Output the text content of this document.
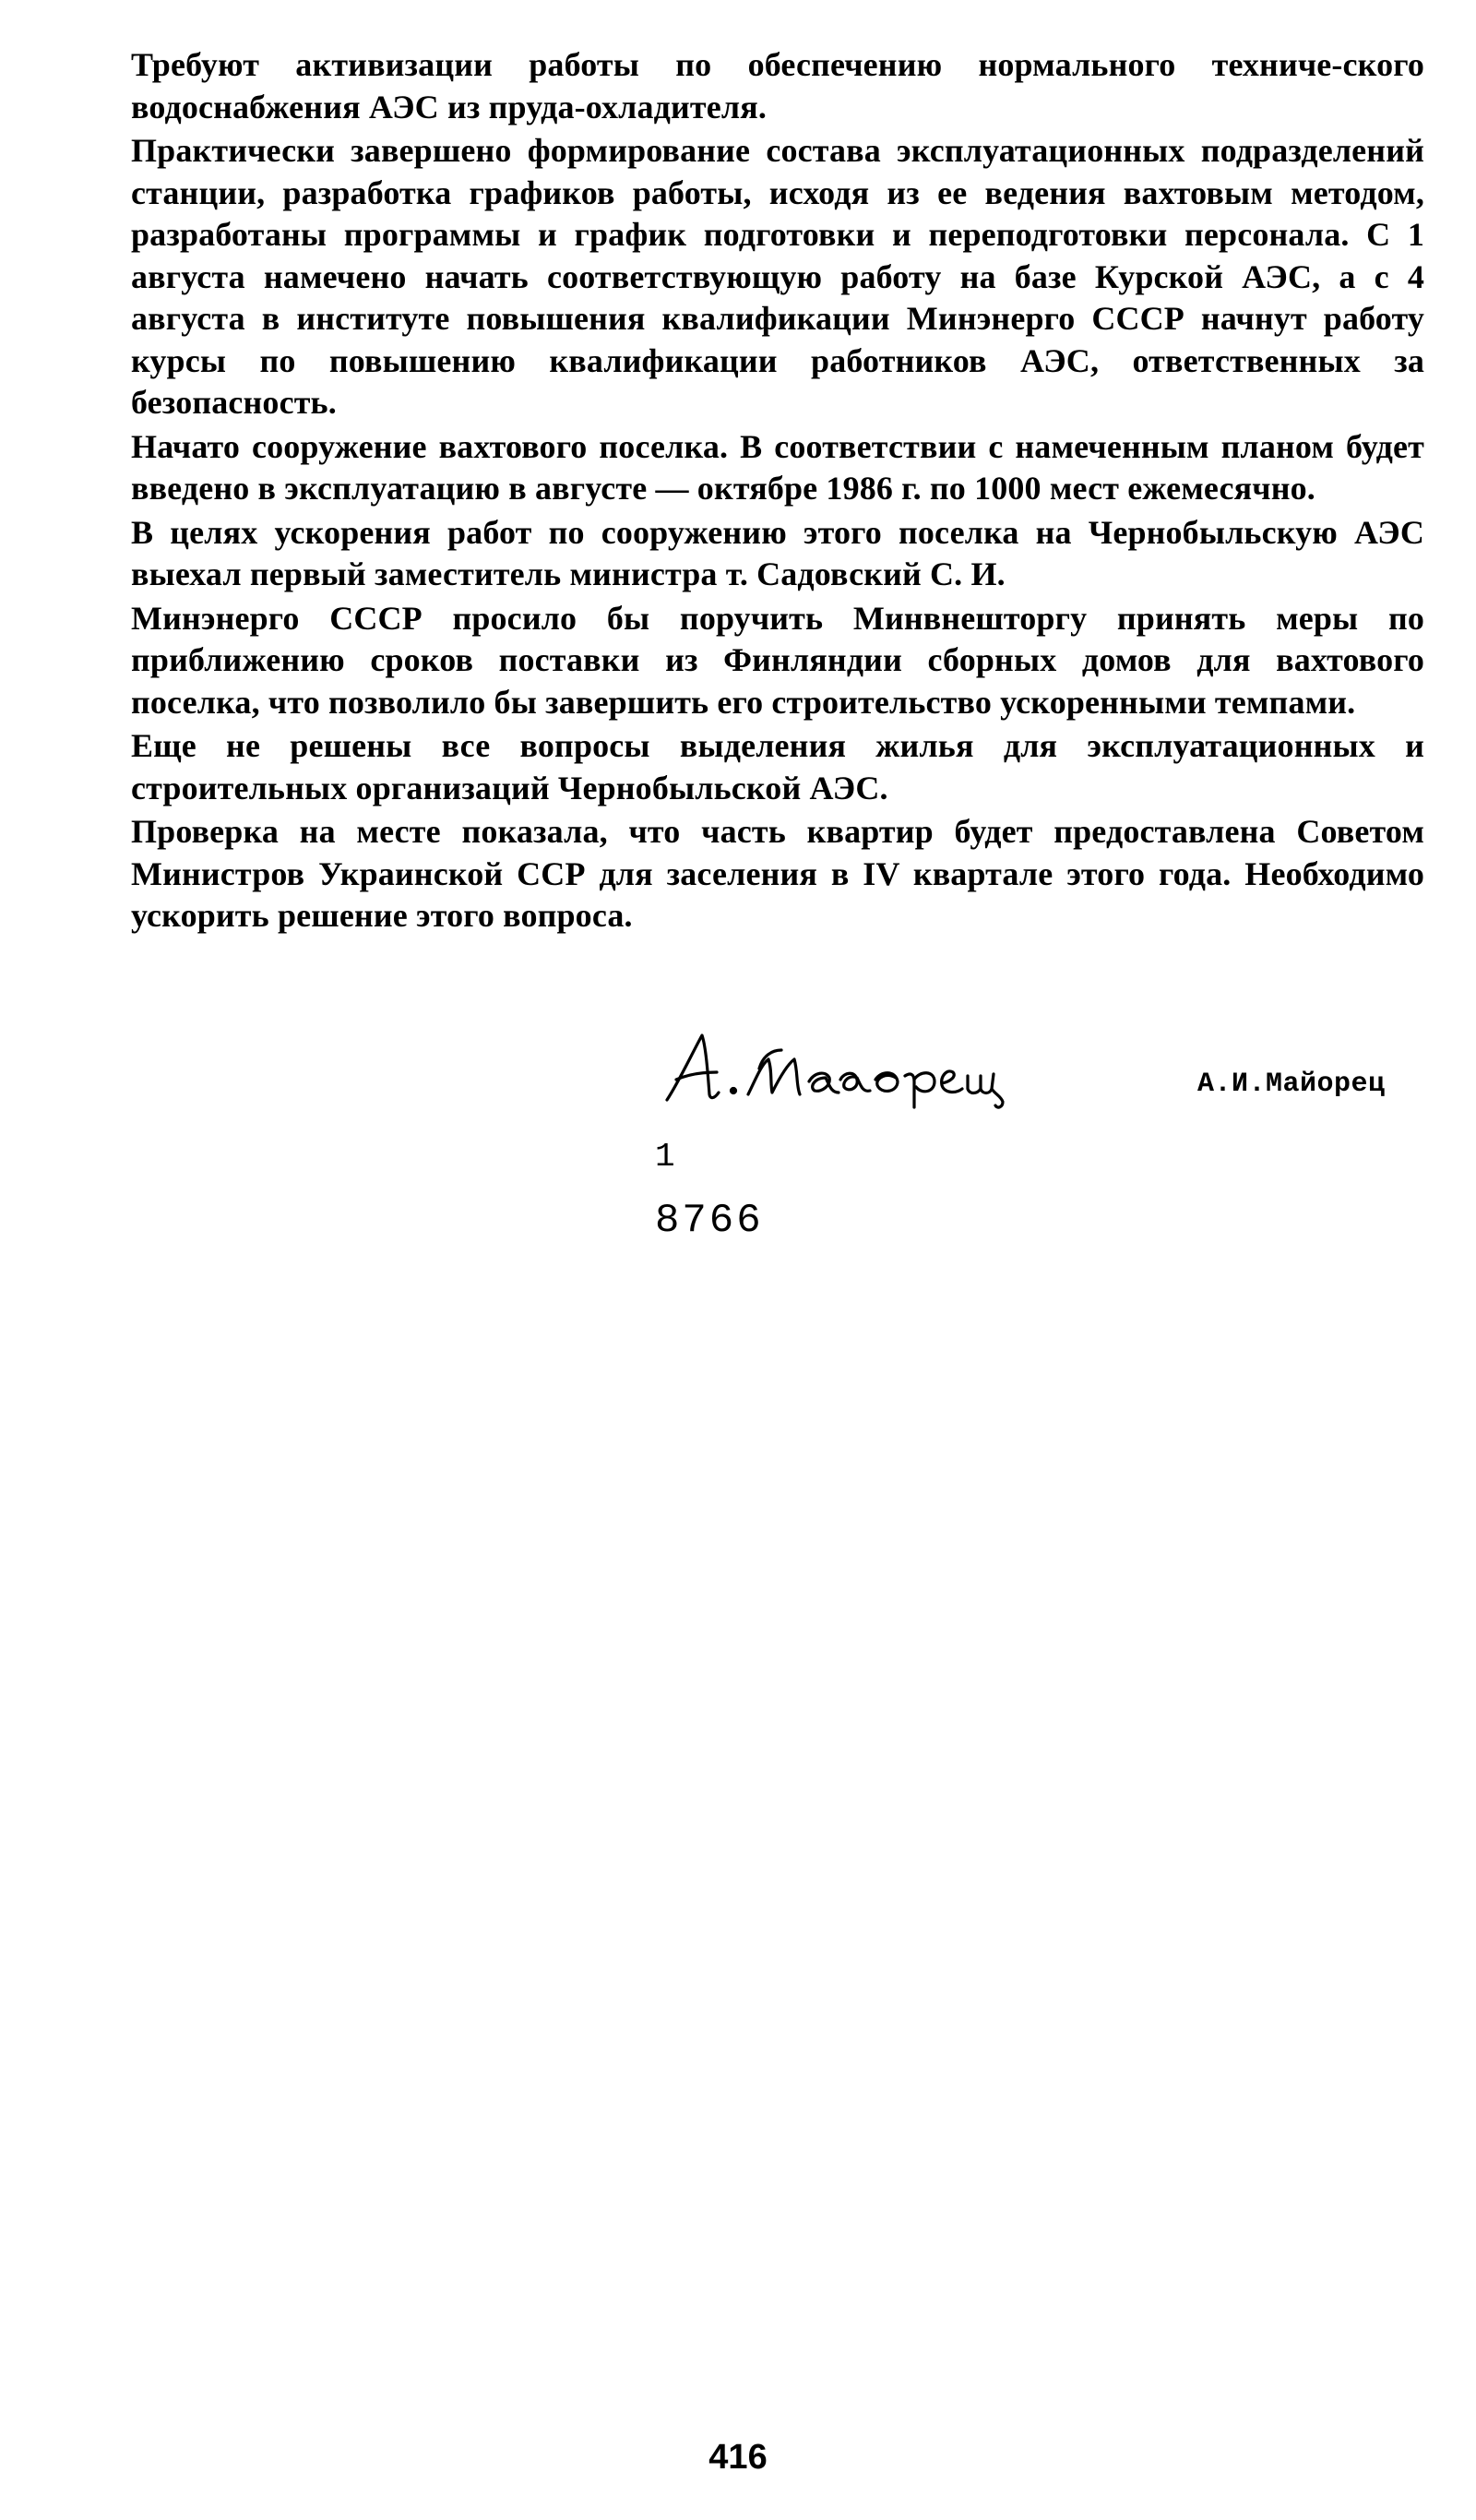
Требуют активизации работы по обеспечению нормального техниче-ского водоснабжения АЭС из пруда-охладителя.

Практически завершено формирование состава эксплуатационных подразделений станции, разработка графиков работы, исходя из ее ведения вахтовым методом, разработаны программы и график подготовки и переподготовки персонала. С 1 августа намечено начать соответствующую работу на базе Курской АЭС, а с 4 августа в институте повышения квалификации Минэнерго СССР начнут работу курсы по повышению квалификации работников АЭС, ответственных за безопасность.

Начато сооружение вахтового поселка. В соответствии с намеченным планом будет введено в эксплуатацию в августе — октябре 1986 г. по 1000 мест ежемесячно.

В целях ускорения работ по сооружению этого поселка на Чернобыльскую АЭС выехал первый заместитель министра т. Садовский С. И.

Минэнерго СССР просило бы поручить Минвнешторгу принять меры по приближению сроков поставки из Финляндии сборных домов для вахтового поселка, что позволило бы завершить его строительство ускоренными темпами.

Еще не решены все вопросы выделения жилья для эксплуатационных и строительных организаций Чернобыльской АЭС.

Проверка на месте показала, что часть квартир будет предоставлена Советом Министров Украинской ССР для заселения в IV квартале этого года. Необходимо ускорить решение этого вопроса.

А.И.Майорец
1
8766
416
